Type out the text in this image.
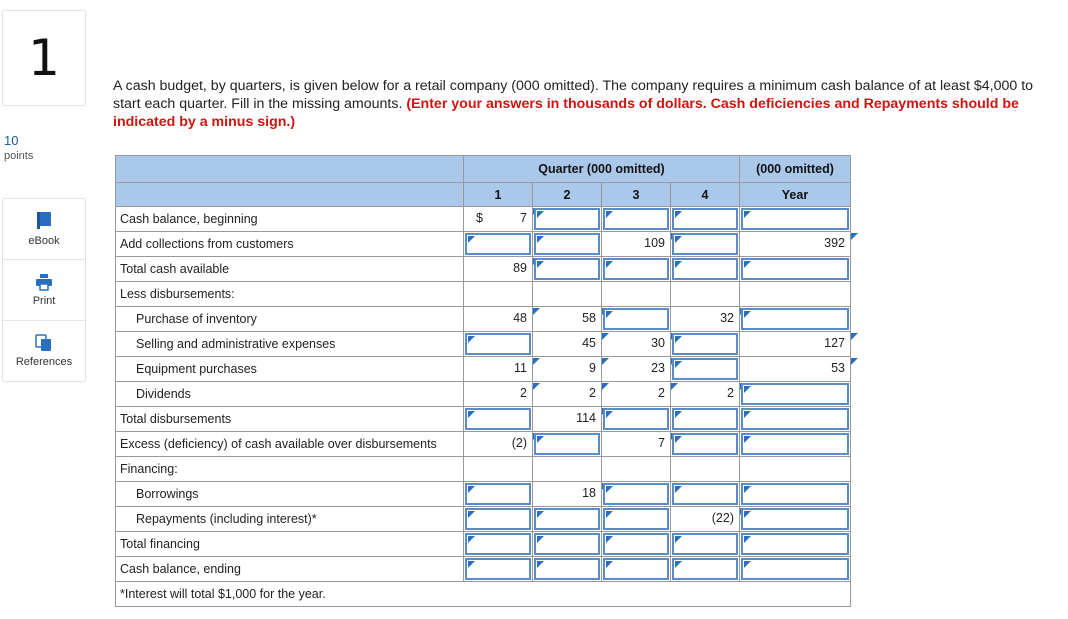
1
10
points
eBook
Print
References
A cash budget, by quarters, is given below for a retail company (000 omitted). The company requires a minimum cash balance of at least $4,000 to start each quarter. Fill in the missing amounts. (Enter your answers in thousands of dollars. Cash deficiencies and Repayments should be indicated by a minus sign.)
	Quarter (000 omitted)				(000 omitted)
	1	2	3	4	Year
Cash balance, beginning	$ 7				

Add collections from customers			109		392

Total cash available	89				

Less disbursements:					
Purchase of inventory	48	58		32	

Selling and administrative expenses		45	30		127

Equipment purchases	11	9	23		53

Dividends	2	2	2	2	

Total disbursements		114			

Excess (deficiency) of cash available over disbursements	(2)		7		

Financing:					
Borrowings		18			

Repayments (including interest)*				(22)	

Total financing	

Cash balance, ending	

*Interest will total $1,000 for the year.					
